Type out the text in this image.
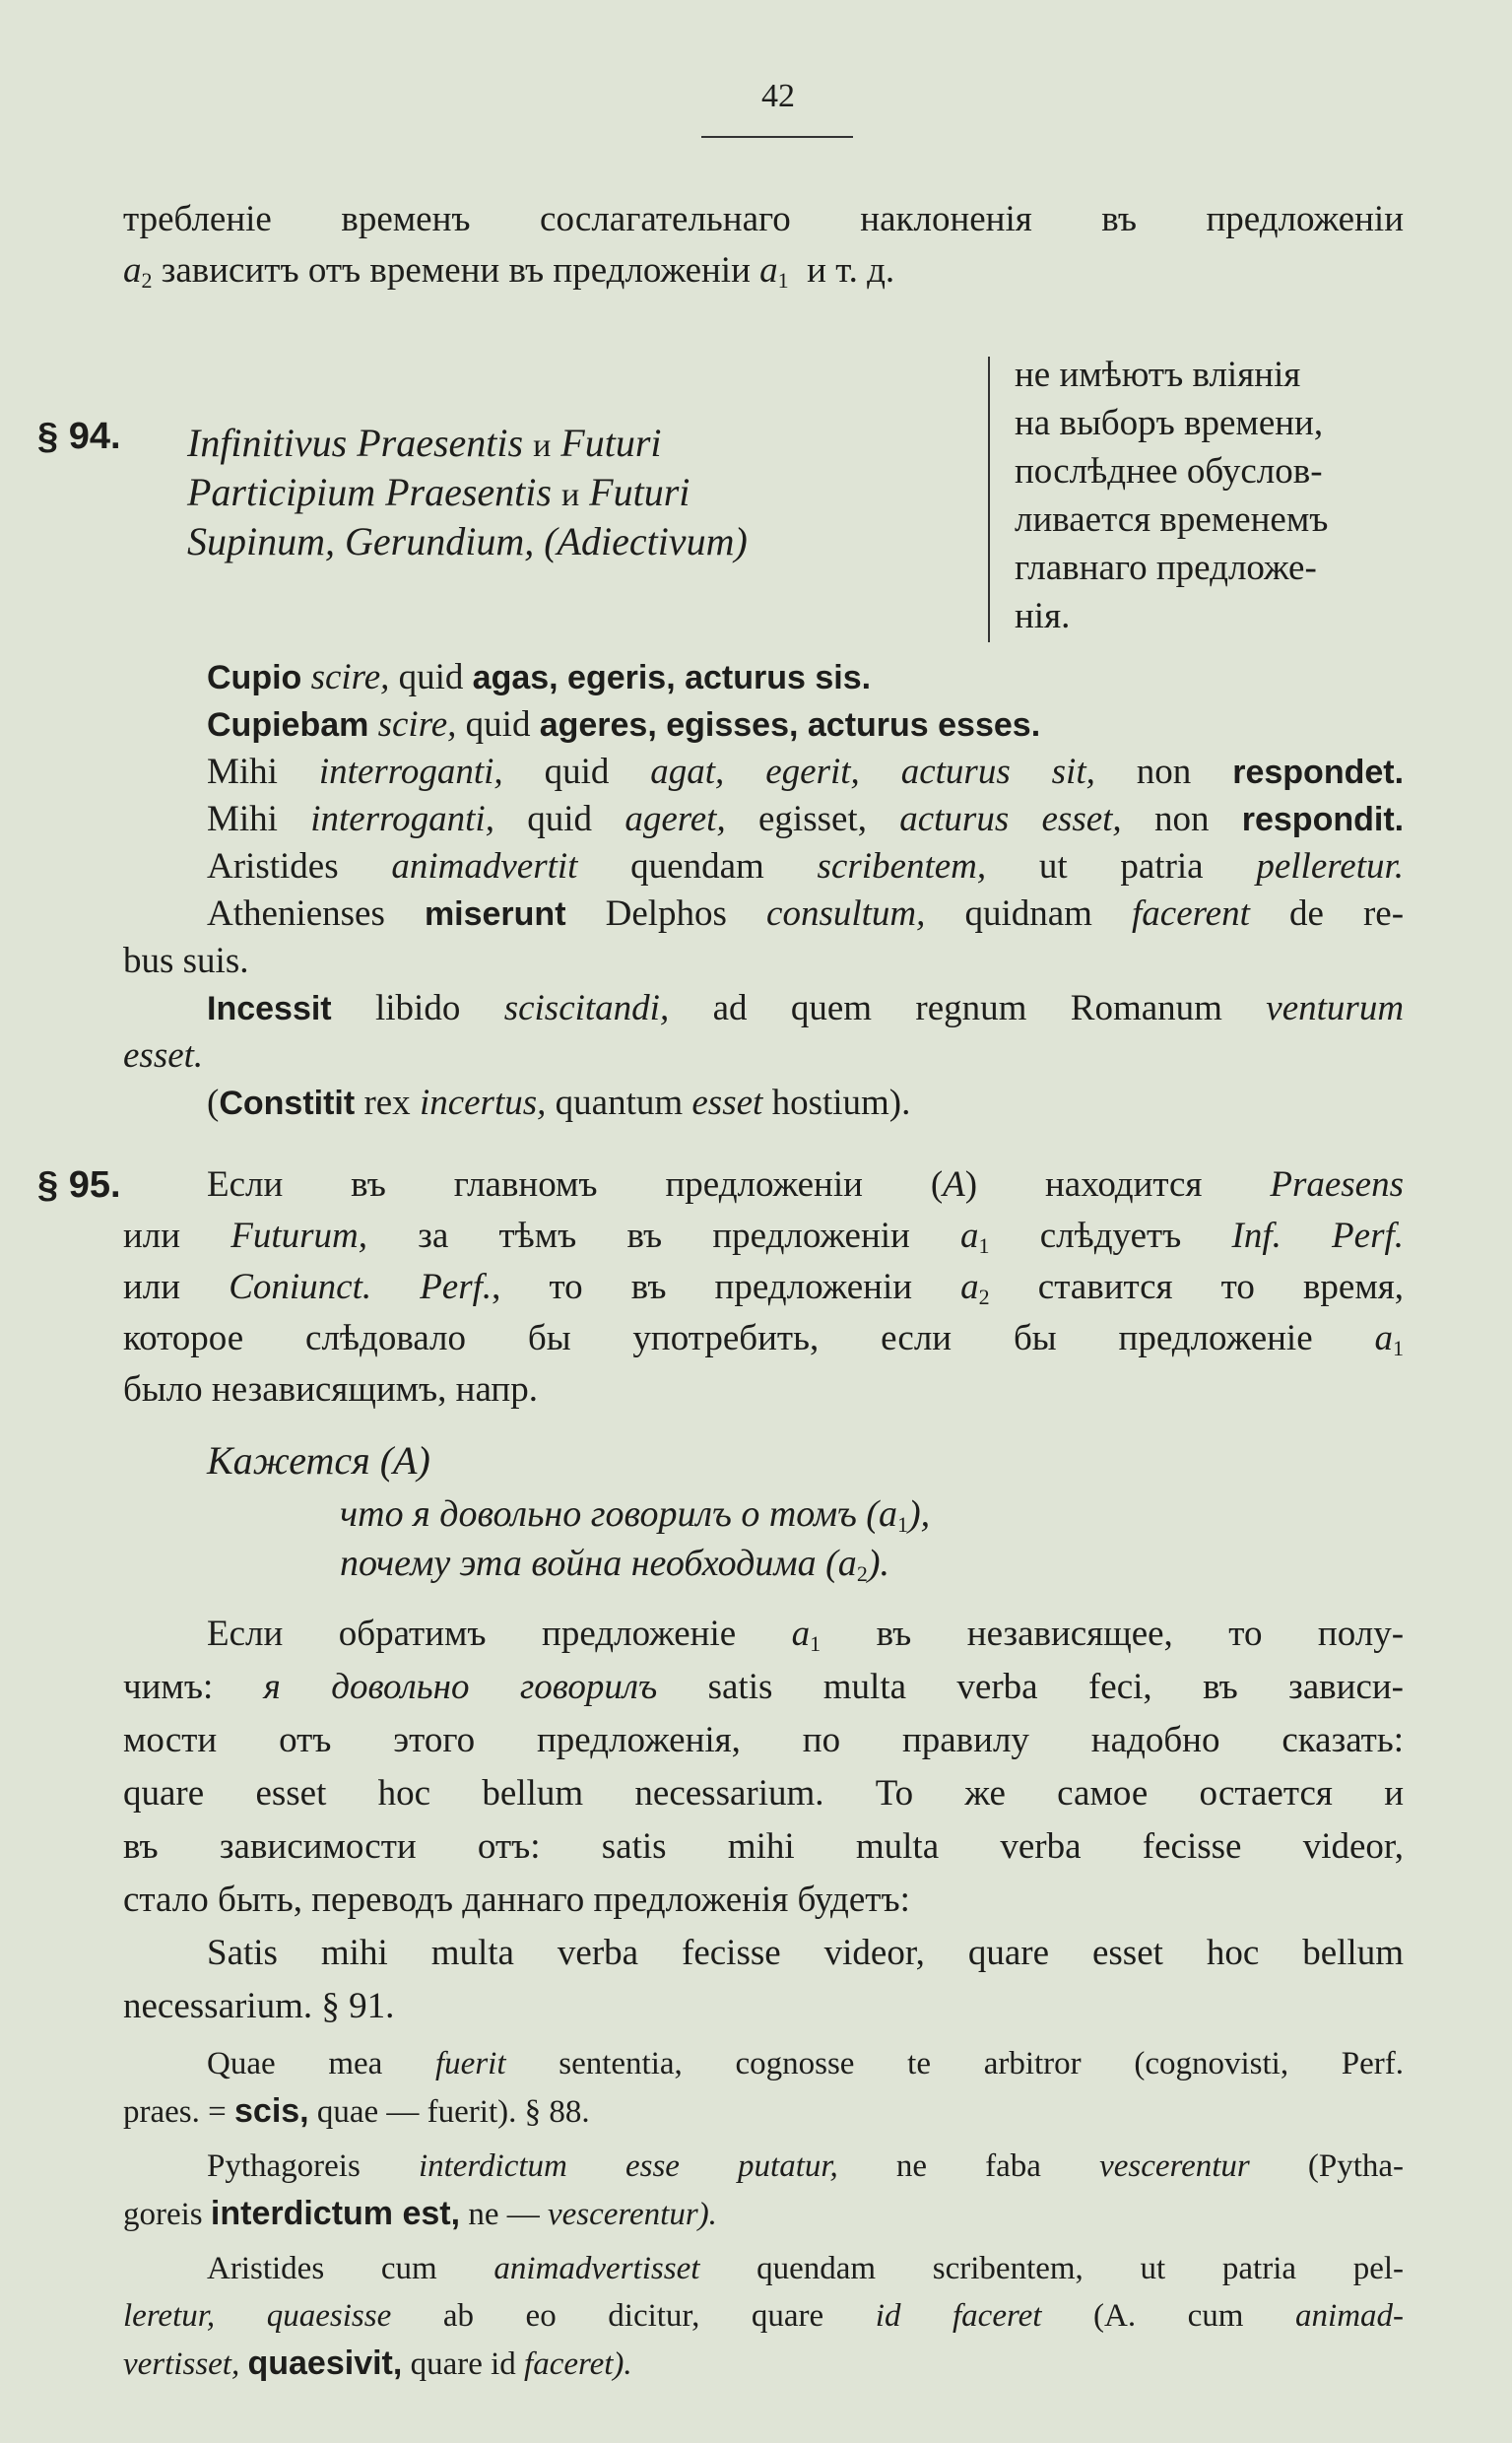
42
требленіе временъ сослагательнаго наклоненія въ предложеніи
$a_2$ зависитъ отъ времени въ предложеніи $a_1$ и т. д.
§ 94. Infinitivus Praesentis и Futuri
Participium Praesentis и Futuri
Supinum, Gerundium, (Adiectivum)
не имѣютъ вліянія
на выборъ времени,
послѣднее обуслов-
ливается временемъ
главнаго предложе-
нія.
Cupio scire, quid agas, egeris, acturus sis.
Cupiebam scire, quid ageres, egisses, acturus esses.
Mihi interroganti, quid agat, egerit, acturus sit, non respondet.
Mihi interroganti, quid ageret, egisset, acturus esset, non respondit.
Aristides animadvertit quendam scribentem, ut patria pelleretur.
Athenienses miserunt Delphos consultum, quidnam facerent de re-
bus suis.
Incessit libido sciscitandi, ad quem regnum Romanum venturum
esset.
(Constitit rex incertus, quantum esset hostium).
§ 95. Если въ главномъ предложеніи (A) находится Praesens
или Futurum, за тѣмъ въ предложеніи $a_1$ слѣдуетъ Inf. Perf.
или Coniunct. Perf., то въ предложеніи $a_2$ ставится то время,
которое слѣдовало бы употребить, если бы предложеніе $a_1$
было независящимъ, напр.
Кажется (A)
что я довольно говорилъ о томъ $(a_1)$,
почему эта война необходима $(a_2)$.
Если обратимъ предложеніе $a_1$ въ независящее, то полу-
чимъ: я довольно говорилъ satis multa verba fecі, въ зависи-
мости отъ этого предложенія, по правилу надобно сказать:
quare esset hoc bellum necessarium. То же самое остается и
въ зависимости отъ: satis mihi multa verba fecisse videor,
стало быть, переводъ даннаго предложенія будетъ:
Satis mihi multa verba fecisse videor, quare esset hoc bellum
necessarium. § 91.
Quae mea fuerit sententia, cognosse te arbitror (cognovisti, Perf.
praes. = scis, quae — fuerit). § 88.
Pythagoreis interdictum esse putatur, ne faba vescerentur (Pytha-
goreis interdictum est, ne — vescerentur).
Aristides cum animadvertisset quendam scribentem, ut patria pel-
leretur, quaesisse ab eo dicitur, quare id faceret (A. cum animad-
vertisset, quaesivit, quare id faceret).
